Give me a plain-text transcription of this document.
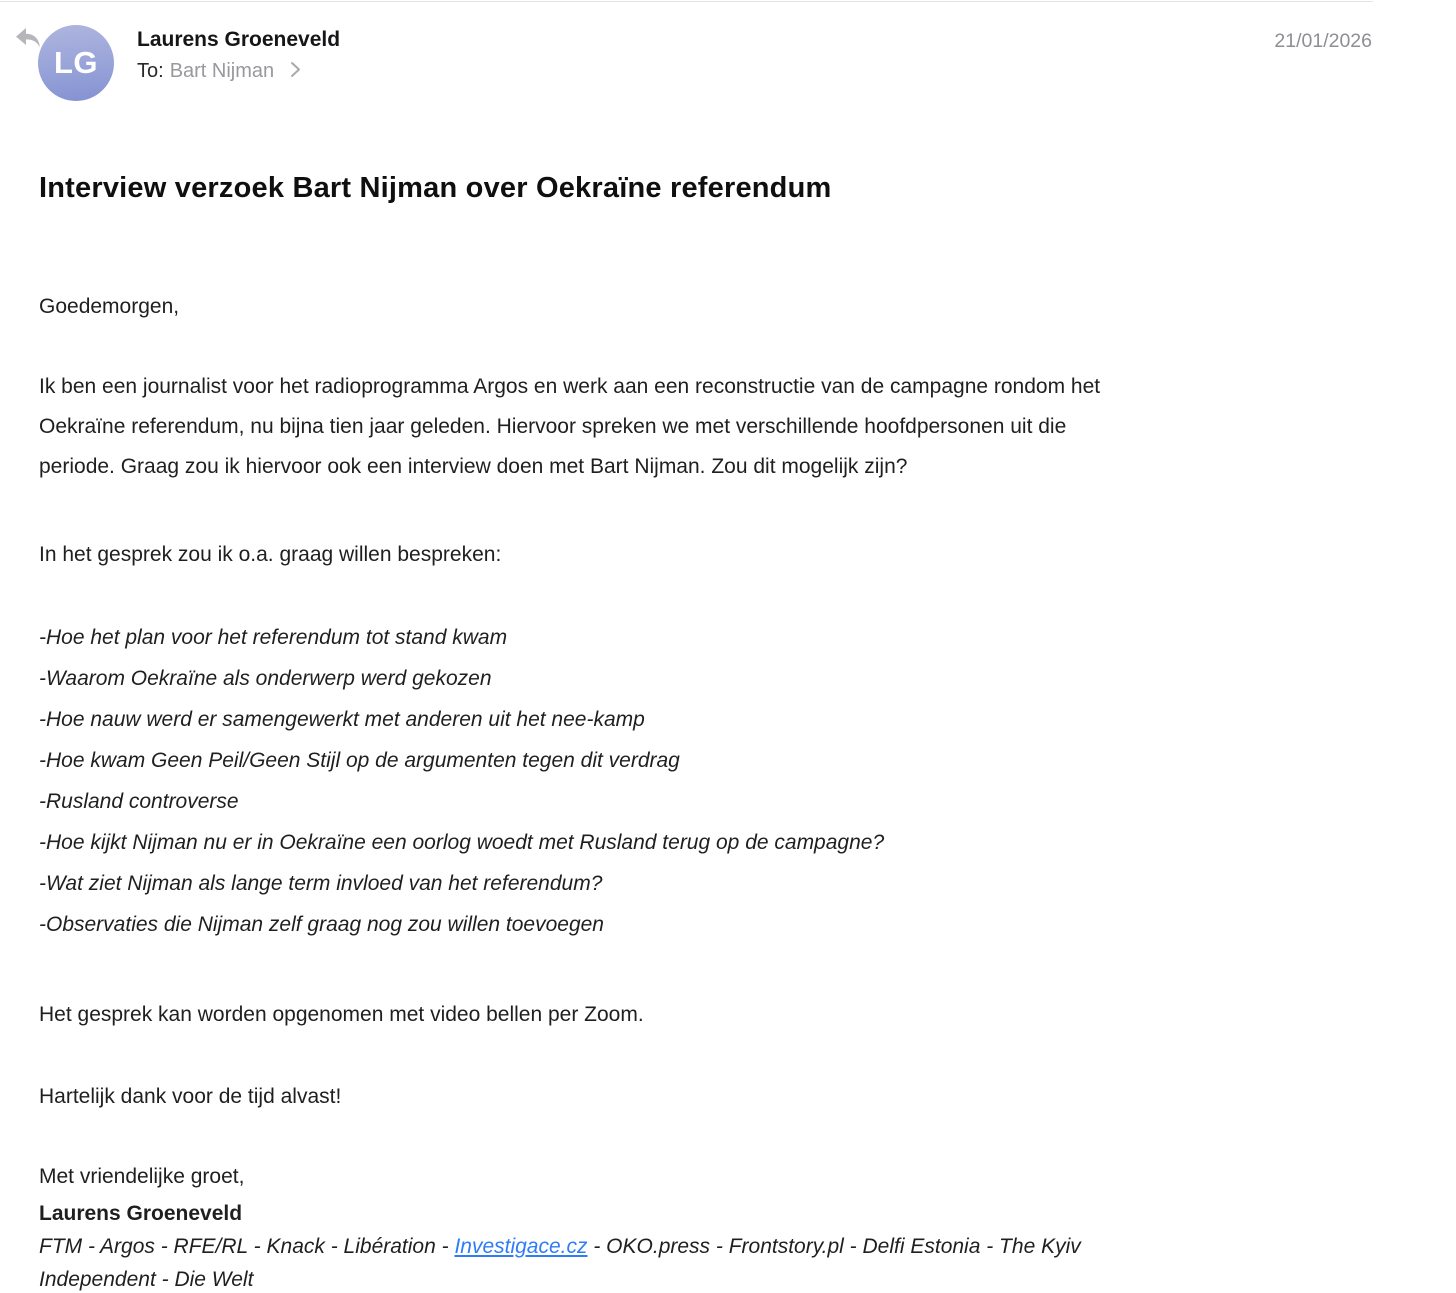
LG
Laurens Groeneveld
To: Bart Nijman
21/01/2026
Interview verzoek Bart Nijman over Oekraïne referendum
Goedemorgen,
Ik ben een journalist voor het radioprogramma Argos en werk aan een reconstructie van de campagne rondom het
Oekraïne referendum, nu bijna tien jaar geleden. Hiervoor spreken we met verschillende hoofdpersonen uit die
periode. Graag zou ik hiervoor ook een interview doen met Bart Nijman. Zou dit mogelijk zijn?
In het gesprek zou ik o.a. graag willen bespreken:
-Hoe het plan voor het referendum tot stand kwam
-Waarom Oekraïne als onderwerp werd gekozen
-Hoe nauw werd er samengewerkt met anderen uit het nee-kamp
-Hoe kwam Geen Peil/Geen Stijl op de argumenten tegen dit verdrag
-Rusland controverse
-Hoe kijkt Nijman nu er in Oekraïne een oorlog woedt met Rusland terug op de campagne?
-Wat ziet Nijman als lange term invloed van het referendum?
-Observaties die Nijman zelf graag nog zou willen toevoegen
Het gesprek kan worden opgenomen met video bellen per Zoom.
Hartelijk dank voor de tijd alvast!
Met vriendelijke groet,
Laurens Groeneveld
FTM - Argos - RFE/RL - Knack - Libération - Investigace.cz - OKO.press - Frontstory.pl - Delfi Estonia - The Kyiv
Independent - Die Welt
